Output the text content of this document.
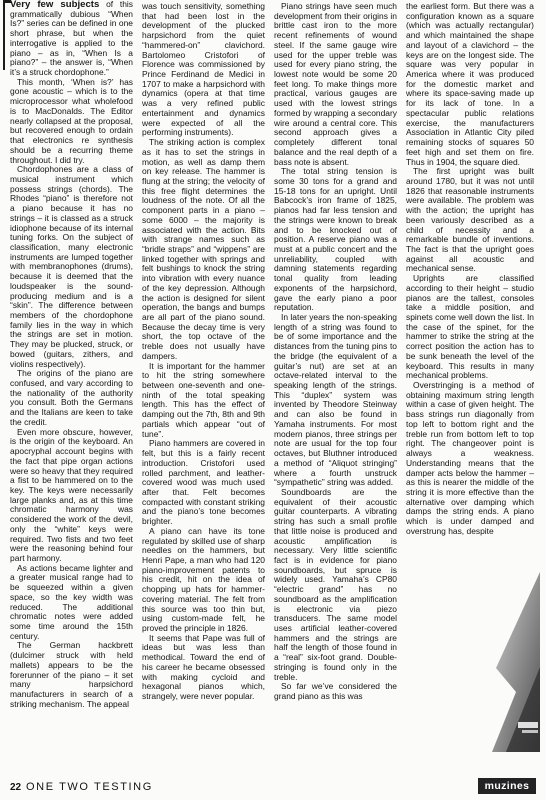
Very few subjects of this grammatically dubious “When Is?” series can be defined in one short phrase, but when the interrogative is applied to the piano – as in, “When Is a piano?” – the answer is, “When it’s a struck chordophone.”

This month, ‘When is?’ has gone acoustic – which is to the microprocessor what wholefood is to MacDonalds. The Editor nearly collapsed at the proposal, but recovered enough to ordain that electronics re synthesis should be a recurring theme throughout. I did try.

Chordophones are a class of musical instrument which possess strings (chords). The Rhodes “piano” is therefore not a piano because it has no strings – it is classed as a struck idiophone because of its internal tuning forks. On the subject of classification, many electronic instruments are lumped together with membranophones (drums), because it is deemed that the loudspeaker is the sound-producing medium and is a “skin”. The difference between members of the chordophone family lies in the way in which the strings are set in motion. They may be plucked, struck, or bowed (guitars, zithers, and violins respectively).

The origins of the piano are confused, and vary according to the nationality of the authority you consult. Both the Germans and the Italians are keen to take the credit.

Even more obscure, however, is the origin of the keyboard. An apocryphal account begins with the fact that pipe organ actions were so heavy that they required a fist to be hammered on to the key. The keys were necessarily large planks and, as at this time chromatic harmony was considered the work of the devil, only the “white” keys were required. Two fists and two feet were the reasoning behind four part harmony.

As actions became lighter and a greater musical range had to be squeezed within a given space, so the key width was reduced. The additional chromatic notes were added some time around the 15th century.

The German hackbrett (dulcimer struck with held mallets) appears to be the forerunner of the piano – it set many harpsichord manufacturers in search of a striking mechanism. The appeal

was touch sensitivity, something that had been lost in the development of the plucked harpsichord from the quiet “hammered-on” clavichord. Bartolomeo Cristofori of Florence was commissioned by Prince Ferdinand de Medici in 1707 to make a harpsichord with dynamics (opera at that time was a very refined public entertainment and dynamics were expected of all the performing instruments).

The striking action is complex as it has to set the strings in motion, as well as damp them on key release. The hammer is flung at the string; the velocity of this free flight determines the loudness of the note. Of all the component parts in a piano – some 6000 – the majority is associated with the action. Bits with strange names such as “bridle straps” and “wippens” are linked together with springs and felt bushings to knock the string into vibration with every nuance of the key depression. Although the action is designed for silent operation, the bangs and bumps are all part of the piano sound. Because the decay time is very short, the top octave of the treble does not usually have dampers.

It is important for the hammer to hit the string somewhere between one-seventh and one-ninth of the total speaking length. This has the effect of damping out the 7th, 8th and 9th partials which appear “out of tune”.

Piano hammers are covered in felt, but this is a fairly recent introduction. Cristofori used rolled parchment, and leather-covered wood was much used after that. Felt becomes compacted with constant striking and the piano’s tone becomes brighter.

A piano can have its tone regulated by skilled use of sharp needles on the hammers, but Henri Pape, a man who had 120 piano-improvement patents to his credit, hit on the idea of chopping up hats for hammer-covering material. The felt from this source was too thin but, using custom-made felt, he proved the principle in 1826.

It seems that Pape was full of ideas but was less than methodical. Toward the end of his career he became obsessed with making cycloid and hexagonal pianos which, strangely, were never popular.

Piano strings have seen much development from their origins in brittle cast iron to the more recent refinements of wound steel. If the same gauge wire used for the upper treble was used for every piano string, the lowest note would be some 20 feet long. To make things more practical, various gauges are used with the lowest strings formed by wrapping a secondary wire around a central core. This second approach gives a completely different tonal balance and the real depth of a bass note is absent.

The total string tension is some 30 tons for a grand and 15-18 tons for an upright. Until Babcock’s iron frame of 1825, pianos had far less tension and the strings were known to break and to be knocked out of position. A reserve piano was a must at a public concert and the unreliability, coupled with damning statements regarding tonal quality from leading exponents of the harpsichord, gave the early piano a poor reputation.

In later years the non-speaking length of a string was found to be of some importance and the distances from the tuning pins to the bridge (the equivalent of a guitar’s nut) are set at an octave-related interval to the speaking length of the strings. This “duplex” system was invented by Theodore Steinway and can also be found in Yamaha instruments. For most modern pianos, three strings per note are usual for the top four octaves, but Bluthner introduced a method of “Aliquot stringing” where a fourth unstruck “sympathetic” string was added.

Soundboards are the equivalent of their acoustic guitar counterparts. A vibrating string has such a small profile that little noise is produced and acoustic amplification is necessary. Very little scientific fact is in evidence for piano soundboards, but spruce is widely used. Yamaha’s CP80 “electric grand” has no soundboard as the amplification is electronic via piezo transducers. The same model uses artificial leather-covered hammers and the strings are half the length of those found in a “real” six-foot grand. Double-stringing is found only in the treble.

So far we’ve considered the grand piano as this was

the earliest form. But there was a configuration known as a square (which was actually rectangular) and which maintained the shape and layout of a clavichord – the keys are on the longest side. The square was very popular in America where it was produced for the domestic market and where its space-saving made up for its lack of tone. In a spectacular public relations exercise, the manufacturers Association in Atlantic City piled remaining stocks of squares 50 feet high and set them on fire. Thus in 1904, the square died.

The first upright was built around 1780, but it was not until 1826 that reasonable instruments were available. The problem was with the action; the upright has been variously described as a child of necessity and a remarkable bundle of inventions. The fact is that the upright goes against all acoustic and mechanical sense.

Uprights are classified according to their height – studio pianos are the tallest, consoles take a middle position, and spinets come well down the list. In the case of the spinet, for the hammer to strike the string at the correct position the action has to be sunk beneath the level of the keyboard. This results in many mechanical problems.

Overstringing is a method of obtaining maximum string length within a case of given height. The bass strings run diagonally from top left to bottom right and the treble run from bottom left to top right. The changeover point is always a weakness. Understanding means that the damper acts below the hammer – as this is nearer the middle of the string it is more effective than the alternative over damping which damps the string ends. A piano which is under damped and overstrung has, despite

22 ONE TWO TESTING	muzines
